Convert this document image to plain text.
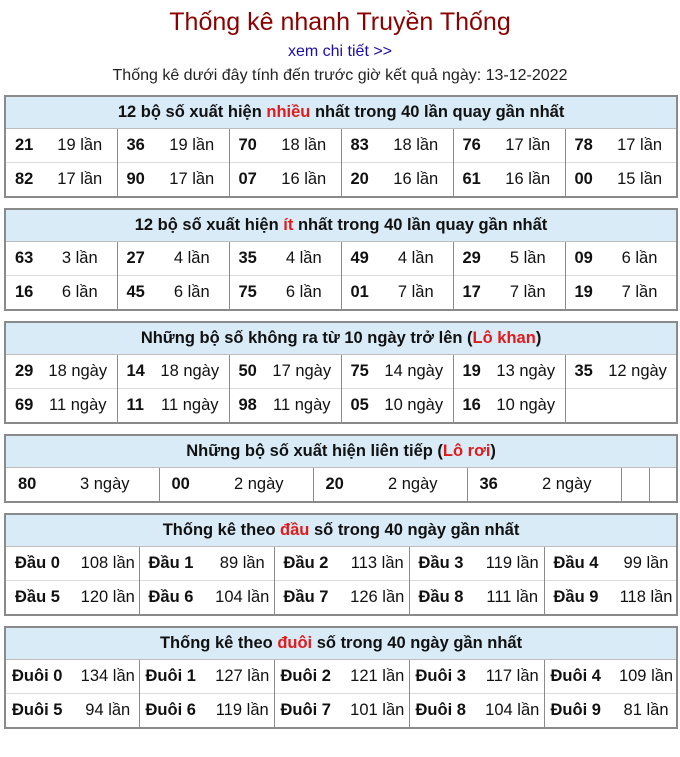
Thống kê nhanh Truyền Thống
xem chi tiết >>
Thống kê dưới đây tính đến trước giờ kết quả ngày: 13-12-2022
12 bộ số xuất hiện nhiều nhất trong 40 lần quay gần nhất											
21	19 lần	36	19 lần	70	18 lần	83	18 lần	76	17 lần	78	17 lần
82	17 lần	90	17 lần	07	16 lần	20	16 lần	61	16 lần	00	15 lần
12 bộ số xuất hiện ít nhất trong 40 lần quay gần nhất											
63	3 lần	27	4 lần	35	4 lần	49	4 lần	29	5 lần	09	6 lần
16	6 lần	45	6 lần	75	6 lần	01	7 lần	17	7 lần	19	7 lần
Những bộ số không ra từ 10 ngày trở lên (Lô khan)											
29	18 ngày	14	18 ngày	50	17 ngày	75	14 ngày	19	13 ngày	35	12 ngày
69	11 ngày	11	11 ngày	98	11 ngày	05	10 ngày	16	10 ngày		
Những bộ số xuất hiện liên tiếp (Lô rơi)
80	3 ngày	00	2 ngày	20	2 ngày	36	2 ngày		
Thống kê theo đầu số trong 40 ngày gần nhất									
Đầu 0	108 lần	Đầu 1	89 lần	Đầu 2	113 lần	Đầu 3	119 lần	Đầu 4	99 lần
Đầu 5	120 lần	Đầu 6	104 lần	Đầu 7	126 lần	Đầu 8	111 lần	Đầu 9	118 lần
Thống kê theo đuôi số trong 40 ngày gần nhất									
Đuôi 0	134 lần	Đuôi 1	127 lần	Đuôi 2	121 lần	Đuôi 3	117 lần	Đuôi 4	109 lần
Đuôi 5	94 lần	Đuôi 6	119 lần	Đuôi 7	101 lần	Đuôi 8	104 lần	Đuôi 9	81 lần
